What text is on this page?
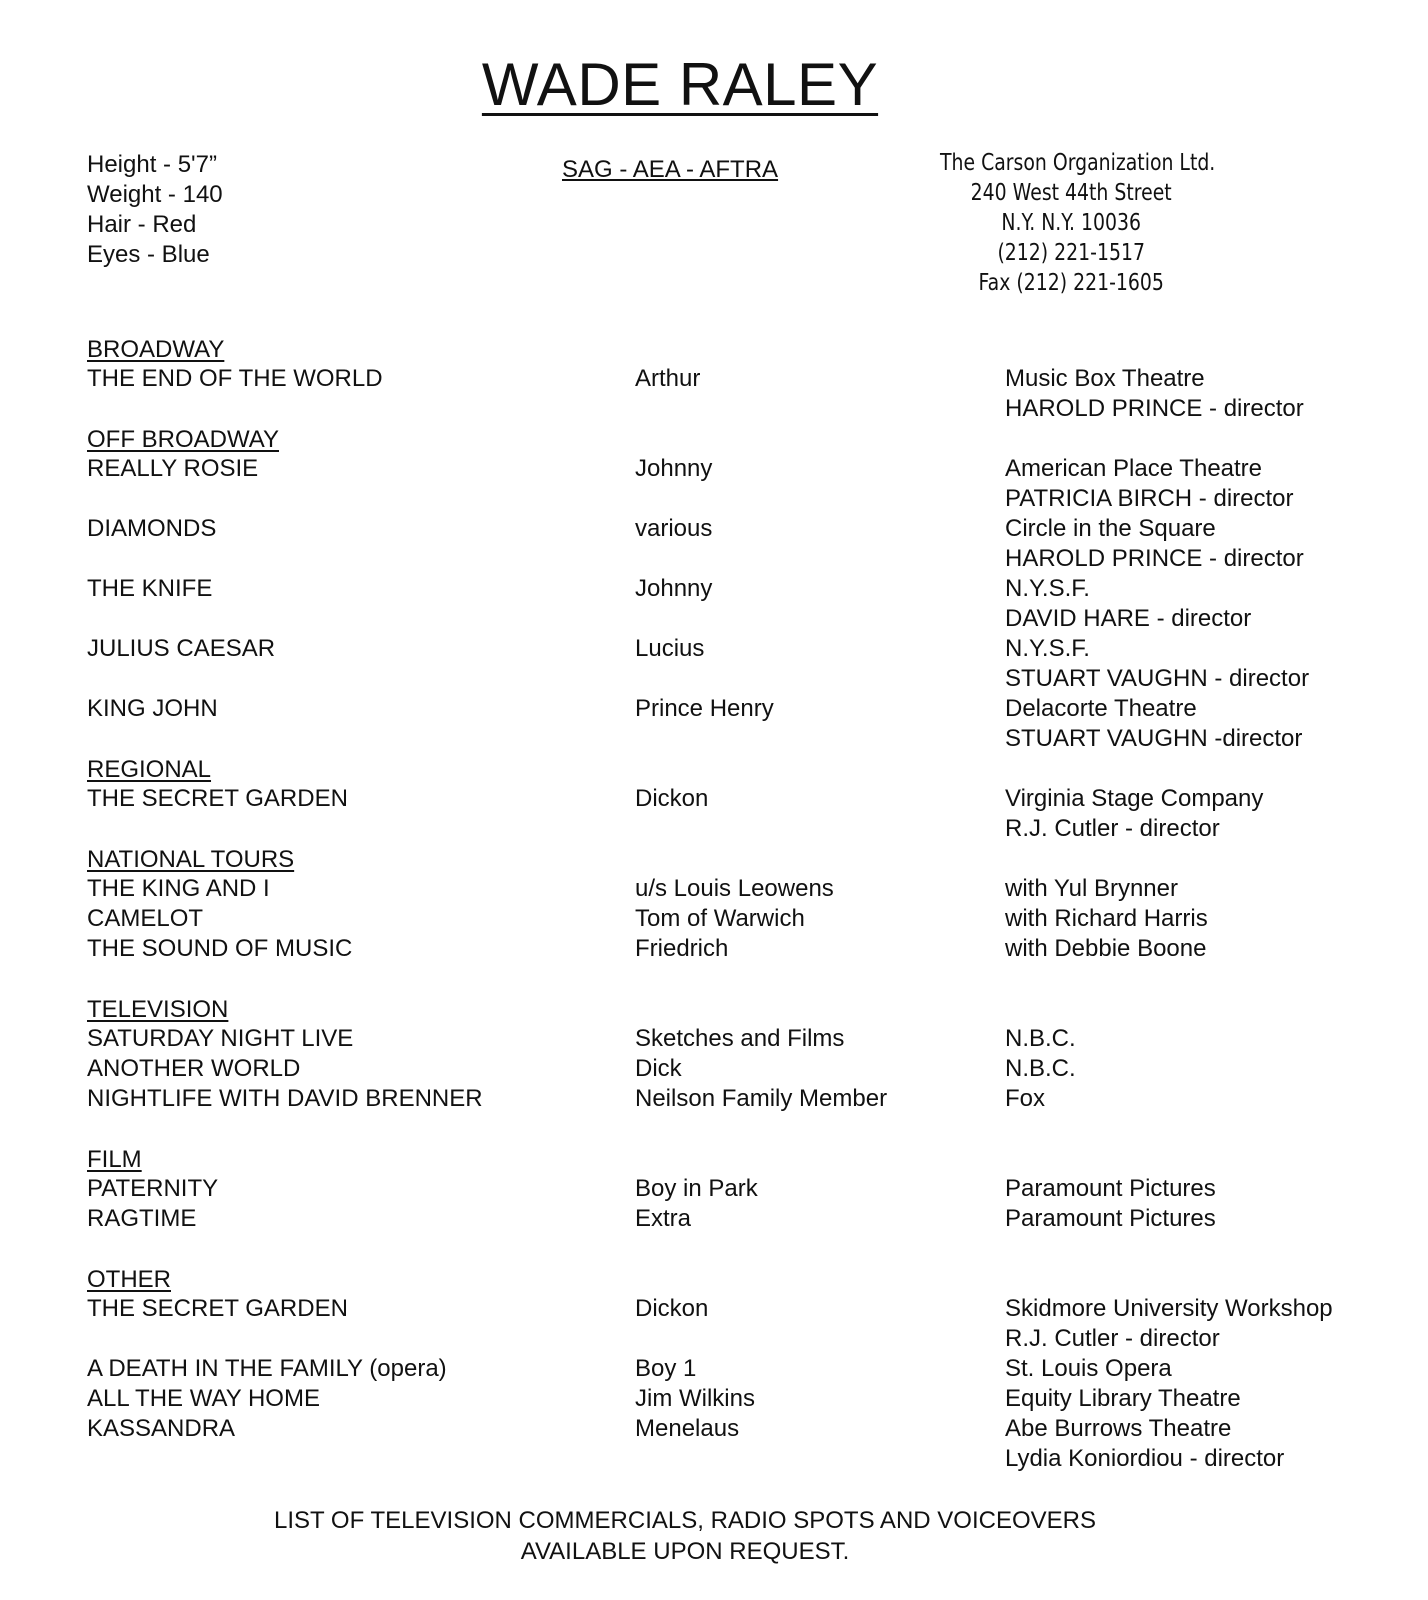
WADE RALEY
Height - 5'7”
Weight - 140
Hair - Red
Eyes - Blue
SAG - AEA - AFTRA	The Carson Organization Ltd.
240 West 44th Street
N.Y. N.Y. 10036
(212) 221-1517
Fax (212) 221-1605
BROADWAY
THE END OF THE WORLD	Arthur	Music Box Theatre
HAROLD PRINCE - director
OFF BROADWAY
REALLY ROSIE	Johnny	American Place Theatre
PATRICIA BIRCH - director
DIAMONDS	various	Circle in the Square
HAROLD PRINCE - director
THE KNIFE	Johnny	N.Y.S.F.
DAVID HARE - director
JULIUS CAESAR	Lucius	N.Y.S.F.
STUART VAUGHN - director
KING JOHN	Prince Henry	Delacorte Theatre
STUART VAUGHN -director
REGIONAL
THE SECRET GARDEN	Dickon	Virginia Stage Company
R.J. Cutler - director
NATIONAL TOURS
THE KING AND I	u/s Louis Leowens	with Yul Brynner
CAMELOT	Tom of Warwich	with Richard Harris
THE SOUND OF MUSIC	Friedrich	with Debbie Boone
TELEVISION
SATURDAY NIGHT LIVE	Sketches and Films	N.B.C.
ANOTHER WORLD	Dick	N.B.C.
NIGHTLIFE WITH DAVID BRENNER	Neilson Family Member	Fox
FILM
PATERNITY	Boy in Park	Paramount Pictures
RAGTIME	Extra	Paramount Pictures
OTHER
THE SECRET GARDEN	Dickon	Skidmore University Workshop
R.J. Cutler - director
A DEATH IN THE FAMILY (opera)	Boy 1	St. Louis Opera
ALL THE WAY HOME	Jim Wilkins	Equity Library Theatre
KASSANDRA	Menelaus	Abe Burrows Theatre
Lydia Koniordiou - director
LIST OF TELEVISION COMMERCIALS, RADIO SPOTS AND VOICEOVERS
AVAILABLE UPON REQUEST.
